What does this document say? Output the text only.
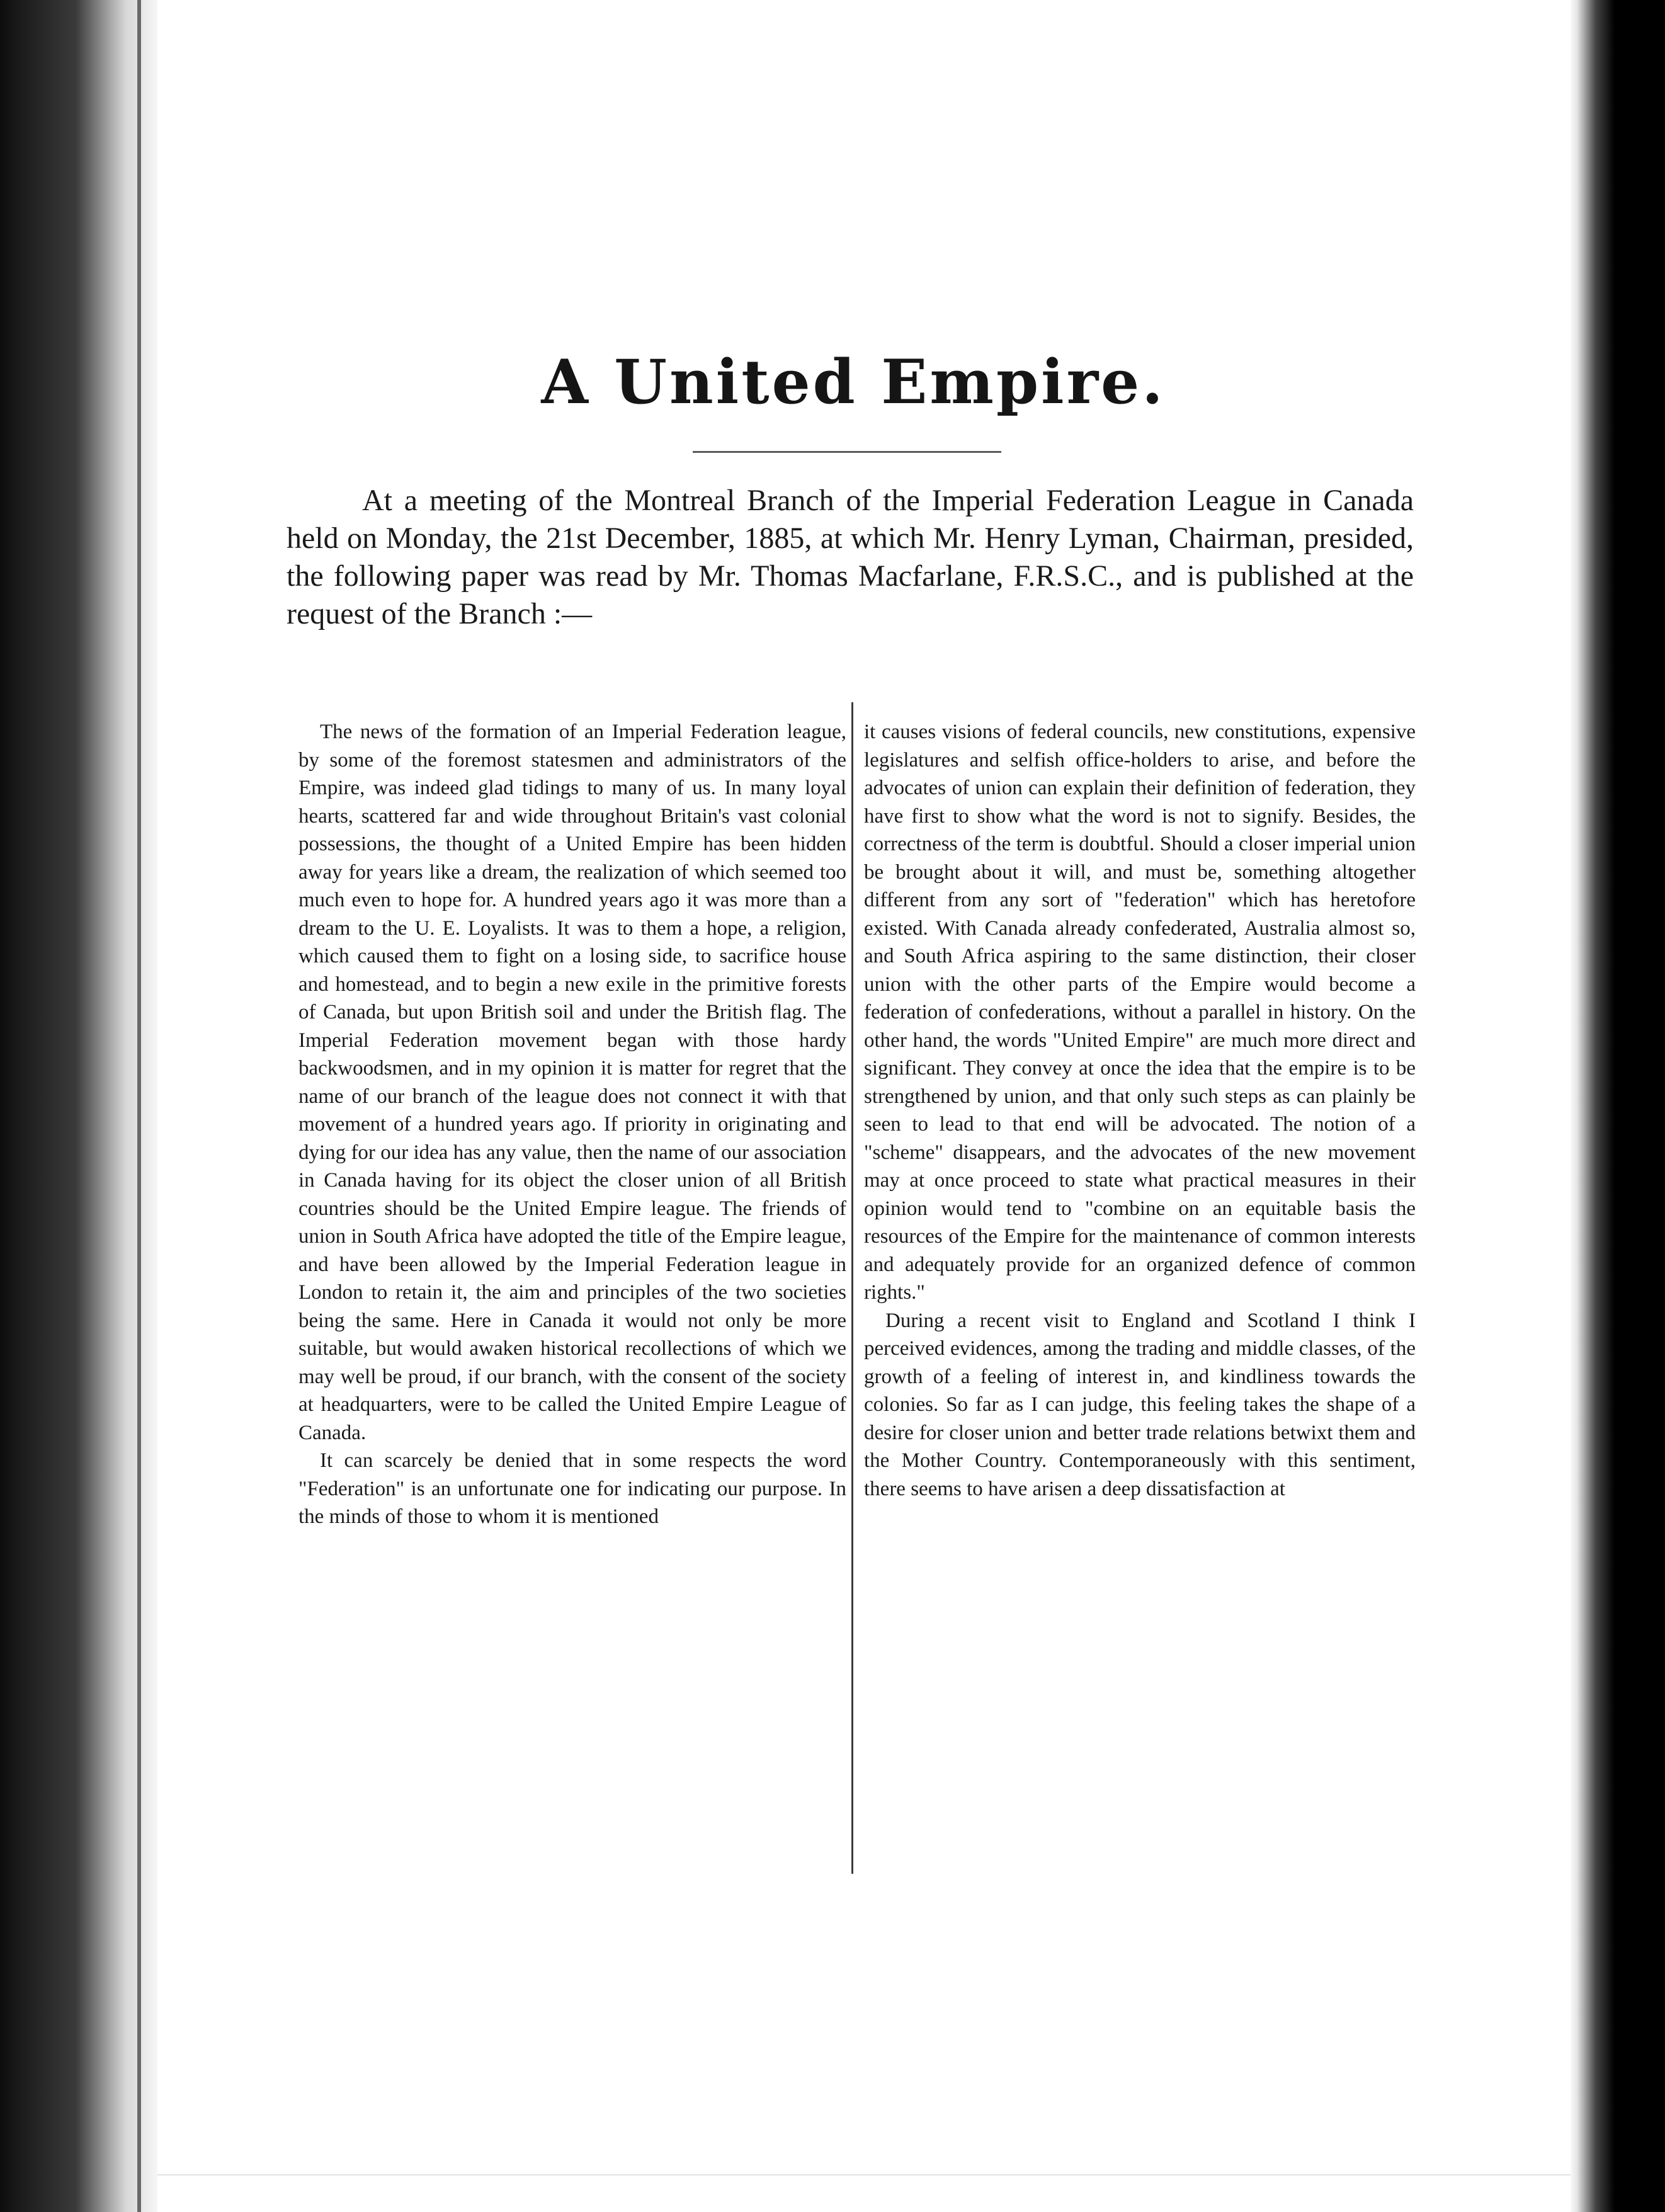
A United Empire.

At a meeting of the Montreal Branch of the Imperial Federation League in Canada held on Monday, the 21st December, 1885, at which Mr. Henry Lyman, Chairman, presided, the following paper was read by Mr. Thomas Macfarlane, F.R.S.C., and is published at the request of the Branch :—

The news of the formation of an Imperial Federation league, by some of the foremost statesmen and administrators of the Empire, was indeed glad tidings to many of us. In many loyal hearts, scattered far and wide throughout Britain's vast colonial possessions, the thought of a United Empire has been hidden away for years like a dream, the realization of which seemed too much even to hope for. A hundred years ago it was more than a dream to the U. E. Loyalists. It was to them a hope, a religion, which caused them to fight on a losing side, to sacrifice house and homestead, and to begin a new exile in the primitive forests of Canada, but upon British soil and under the British flag. The Imperial Federation movement began with those hardy backwoodsmen, and in my opinion it is matter for regret that the name of our branch of the league does not connect it with that movement of a hundred years ago. If priority in originating and dying for our idea has any value, then the name of our association in Canada having for its object the closer union of all British countries should be the United Empire league. The friends of union in South Africa have adopted the title of the Empire league, and have been allowed by the Imperial Federation league in London to retain it, the aim and principles of the two societies being the same. Here in Canada it would not only be more suitable, but would awaken historical recollections of which we may well be proud, if our branch, with the consent of the society at headquarters, were to be called the United Empire League of Canada.

It can scarcely be denied that in some respects the word "Federation" is an unfortunate one for indicating our purpose. In the minds of those to whom it is mentioned

it causes visions of federal councils, new constitutions, expensive legislatures and selfish office-holders to arise, and before the advocates of union can explain their definition of federation, they have first to show what the word is not to signify. Besides, the correctness of the term is doubtful. Should a closer imperial union be brought about it will, and must be, something altogether different from any sort of "federation" which has heretofore existed. With Canada already confederated, Australia almost so, and South Africa aspiring to the same distinction, their closer union with the other parts of the Empire would become a federation of confederations, without a parallel in history. On the other hand, the words "United Empire" are much more direct and significant. They convey at once the idea that the empire is to be strengthened by union, and that only such steps as can plainly be seen to lead to that end will be advocated. The notion of a "scheme" disappears, and the advocates of the new movement may at once proceed to state what practical measures in their opinion would tend to "combine on an equitable basis the resources of the Empire for the maintenance of common interests and adequately provide for an organized defence of common rights."

During a recent visit to England and Scotland I think I perceived evidences, among the trading and middle classes, of the growth of a feeling of interest in, and kindliness towards the colonies. So far as I can judge, this feeling takes the shape of a desire for closer union and better trade relations betwixt them and the Mother Country. Contemporaneously with this sentiment, there seems to have arisen a deep dissatisfaction at
